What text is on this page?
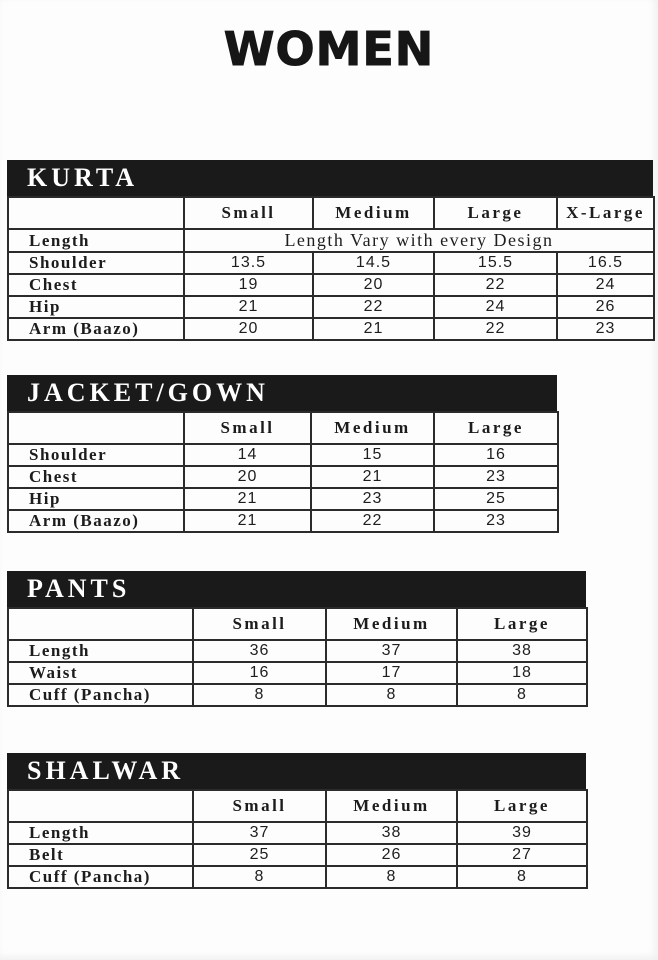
WOMEN
KURTA
	Small	Medium	Large	X-Large
Length	Length Vary with every Design			
Shoulder	13.5	14.5	15.5	16.5
Chest	19	20	22	24
Hip	21	22	24	26
Arm (Baazo)	20	21	22	23
JACKET/GOWN
	Small	Medium	Large
Shoulder	14	15	16
Chest	20	21	23
Hip	21	23	25
Arm (Baazo)	21	22	23
PANTS
	Small	Medium	Large
Length	36	37	38
Waist	16	17	18
Cuff (Pancha)	8	8	8
SHALWAR
	Small	Medium	Large
Length	37	38	39
Belt	25	26	27
Cuff (Pancha)	8	8	8
